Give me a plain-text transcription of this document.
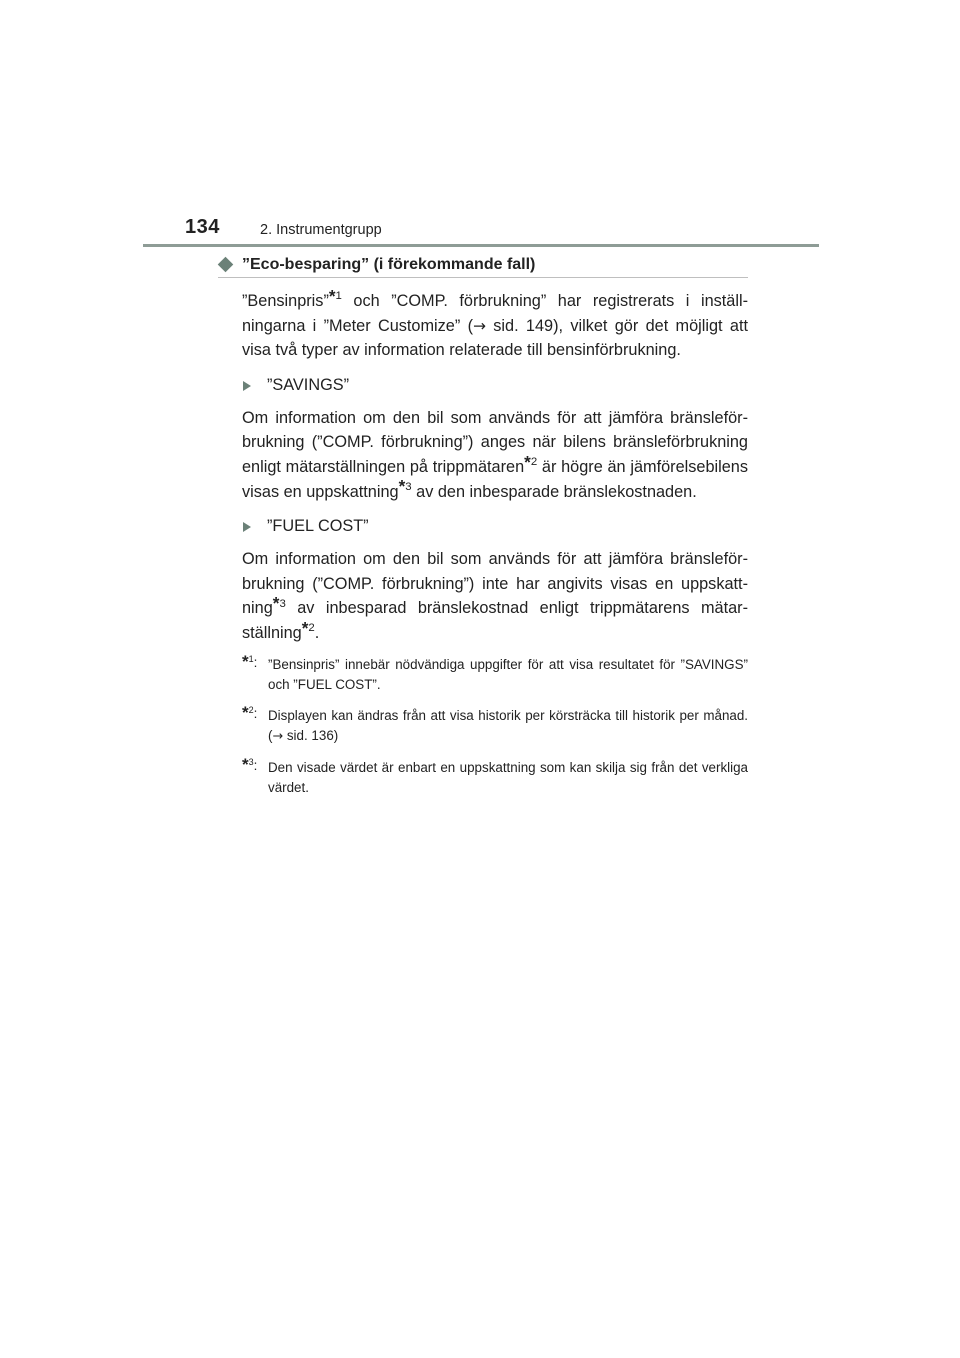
134	2. Instrumentgrupp
”Eco-besparing” (i förekommande fall)

”Bensinpris”*$^1$ och ”COMP. förbrukning” har registrerats i inställningarna i ”Meter Customize” (→ sid. 149), vilket gör det möjligt att visa två typer av information relaterade till bensinförbrukning.

”SAVINGS”

Om information om den bil som används för att jämföra bränsleförbrukning (”COMP. förbrukning”) anges när bilens bränsleförbrukning enligt mätarställningen på trippmätaren*$^2$ är högre än jämförelsebilens visas en uppskattning*$^3$ av den inbesparade bränslekostnaden.

”FUEL COST”

Om information om den bil som används för att jämföra bränsleförbrukning (”COMP. förbrukning”) inte har angivits visas en uppskattning*$^3$ av inbesparad bränslekostnad enligt trippmätarens mätarställning*$^2$.

*$^1$: ”Bensinpris” innebär nödvändiga uppgifter för att visa resultatet för ”SAVINGS” och ”FUEL COST”.
*$^2$: Displayen kan ändras från att visa historik per körsträcka till historik per månad. (→ sid. 136)
*$^3$: Den visade värdet är enbart en uppskattning som kan skilja sig från det verkliga värdet.
